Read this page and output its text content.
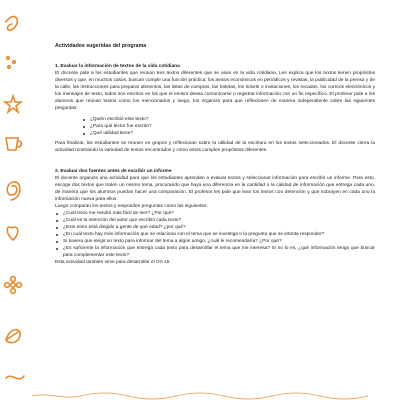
Actividades sugeridas del programa
1. Evaluar la información de textos de la vida cotidiana

El docente pide a los estudiantes que reúnan tres textos diferentes que se usan en la vida cotidiana. Les explica que los textos tienen propósitos diversos y que, en muchos casos, buscan cumplir una función práctica: los avisos económicos en periódicos y revistas, la publicidad de la prensa y de la calle, las instrucciones para preparar alimentos, las listas de compras, las boletas, los tickets o invitaciones, los recados, los correos electrónicos y los mensajes de texto, todos son escritos en los que el emisor desea comunicarse o registrar información con un fin específico. El profesor pide a los alumnos que reúnan textos como los mencionados y luego, los organiza para que reflexionen de manera independiente sobre las siguientes preguntas:

¿Quién escribió este texto?
¿Para qué lector fue escrito?
¿Qué utilidad tiene?

Para finalizar, los estudiantes se reúnen en grupos y reflexionan sobre la utilidad de la escritura en los textos seleccionados. El docente cierra la actividad mostrando la variedad de textos encontrados y cómo estos cumplen propósitos diferentes.

2. Evaluar dos fuentes antes de escribir un informe

El docente organiza una actividad para que los estudiantes aprendan a evaluar textos y seleccionar información para escribir un informe. Para esto, escoge dos textos que traten un mismo tema, procurando que haya una diferencia en la cantidad o la calidad de información que entrega cada uno, de manera que los alumnos puedan hacer una comparación. El profesor les pide que lean los textos con detención y que subrayen en cada uno la información nueva para ellos.

Luego comparan los textos y responden preguntas como las siguientes:

¿Cuál texto me resultó más fácil de leer? ¿Por qué?
¿Cuál es la intención del autor que escribió cada texto?
¿Este texto está dirigido a gente de qué edad? ¿por qué?
¿En cuál texto hay más información que se relaciona con el tema que se investiga o la pregunta que se intenta responder?
Si tuviera que elegir un texto para informar del tema a algún amigo, ¿cuál le recomendaría? ¿Por qué?
¿Es suficiente la información que entrega cada texto para desarrollar el tema que me interesa? Si no lo es, ¿qué información tengo que buscar para complementar este texto?

Esta actividad también sirve para desarrollar el OA 15.
